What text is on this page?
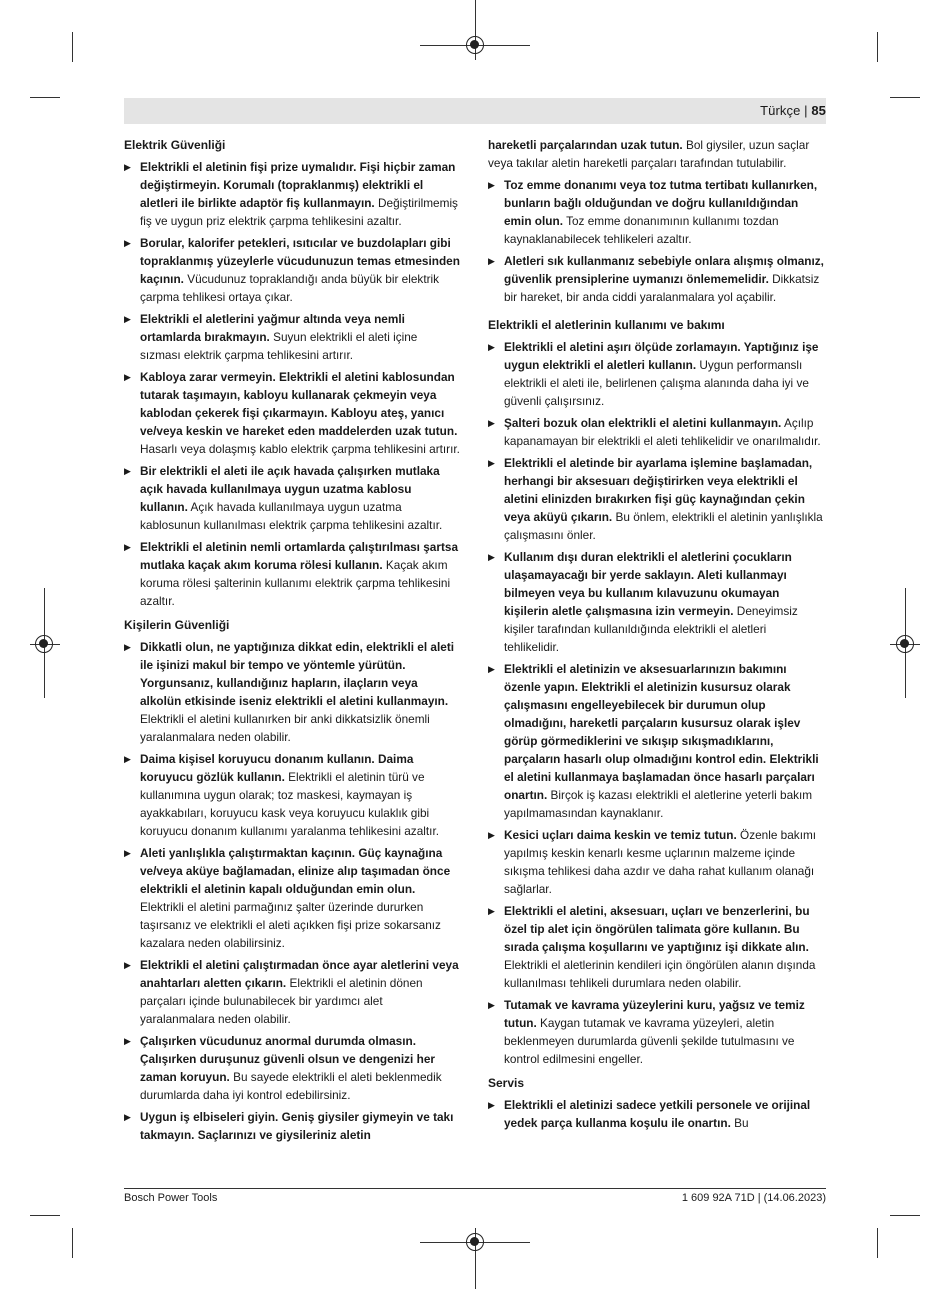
Türkçe | 85
Elektrik Güvenliği
▶ Elektrikli el aletinin fişi prize uymalıdır. Fişi hiçbir zaman değiştirmeyin. Korumalı (topraklanmış) elektrikli el aletleri ile birlikte adaptör fiş kullanmayın. Değiştirilmemiş fiş ve uygun priz elektrik çarpma tehlikesini azaltır.
▶ Borular, kalorifer petekleri, ısıtıcılar ve buzdolapları gibi topraklanmış yüzeylerle vücudunuzun temas etmesinden kaçının. Vücudunuz topraklandığı anda büyük bir elektrik çarpma tehlikesi ortaya çıkar.
▶ Elektrikli el aletlerini yağmur altında veya nemli ortamlarda bırakmayın. Suyun elektrikli el aleti içine sızması elektrik çarpma tehlikesini artırır.
▶ Kabloya zarar vermeyin. Elektrikli el aletini kablosundan tutarak taşımayın, kabloyu kullanarak çekmeyin veya kablodan çekerek fişi çıkarmayın. Kabloyu ateş, yanıcı ve/veya keskin ve hareket eden maddelerden uzak tutun. Hasarlı veya dolaşmış kablo elektrik çarpma tehlikesini artırır.
▶ Bir elektrikli el aleti ile açık havada çalışırken mutlaka açık havada kullanılmaya uygun uzatma kablosu kullanın. Açık havada kullanılmaya uygun uzatma kablosunun kullanılması elektrik çarpma tehlikesini azaltır.
▶ Elektrikli el aletinin nemli ortamlarda çalıştırılması şartsa mutlaka kaçak akım koruma rölesi kullanın. Kaçak akım koruma rölesi şalterinin kullanımı elektrik çarpma tehlikesini azaltır.
Kişilerin Güvenliği
▶ Dikkatli olun, ne yaptığınıza dikkat edin, elektrikli el aleti ile işinizi makul bir tempo ve yöntemle yürütün. Yorgunsanız, kullandığınız hapların, ilaçların veya alkolün etkisinde iseniz elektrikli el aletini kullanmayın. Elektrikli el aletini kullanırken bir anki dikkatsizlik önemli yaralanmalara neden olabilir.
▶ Daima kişisel koruyucu donanım kullanın. Daima koruyucu gözlük kullanın. Elektrikli el aletinin türü ve kullanımına uygun olarak; toz maskesi, kaymayan iş ayakkabıları, koruyucu kask veya koruyucu kulaklık gibi koruyucu donanım kullanımı yaralanma tehlikesini azaltır.
▶ Aleti yanlışlıkla çalıştırmaktan kaçının. Güç kaynağına ve/veya aküye bağlamadan, elinize alıp taşımadan önce elektrikli el aletinin kapalı olduğundan emin olun. Elektrikli el aletini parmağınız şalter üzerinde dururken taşırsanız ve elektrikli el aleti açıkken fişi prize sokarsanız kazalara neden olabilirsiniz.
▶ Elektrikli el aletini çalıştırmadan önce ayar aletlerini veya anahtarları aletten çıkarın. Elektrikli el aletinin dönen parçaları içinde bulunabilecek bir yardımcı alet yaralanmalara neden olabilir.
▶ Çalışırken vücudunuz anormal durumda olmasın. Çalışırken duruşunuz güvenli olsun ve dengenizi her zaman koruyun. Bu sayede elektrikli el aleti beklenmedik durumlarda daha iyi kontrol edebilirsiniz.
▶ Uygun iş elbiseleri giyin. Geniş giysiler giymeyin ve takı takmayın. Saçlarınızı ve giysileriniz aletin
hareketli parçalarından uzak tutun. Bol giysiler, uzun saçlar veya takılar aletin hareketli parçaları tarafından tutulabilir.
▶ Toz emme donanımı veya toz tutma tertibatı kullanırken, bunların bağlı olduğundan ve doğru kullanıldığından emin olun. Toz emme donanımının kullanımı tozdan kaynaklanabilecek tehlikeleri azaltır.
▶ Aletleri sık kullanmanız sebebiyle onlara alışmış olmanız, güvenlik prensiplerine uymanızı önlememelidir. Dikkatsiz bir hareket, bir anda ciddi yaralanmalara yol açabilir.
Elektrikli el aletlerinin kullanımı ve bakımı
▶ Elektrikli el aletini aşırı ölçüde zorlamayın. Yaptığınız işe uygun elektrikli el aletleri kullanın. Uygun performanslı elektrikli el aleti ile, belirlenen çalışma alanında daha iyi ve güvenli çalışırsınız.
▶ Şalteri bozuk olan elektrikli el aletini kullanmayın. Açılıp kapanamayan bir elektrikli el aleti tehlikelidir ve onarılmalıdır.
▶ Elektrikli el aletinde bir ayarlama işlemine başlamadan, herhangi bir aksesuarı değiştirirken veya elektrikli el aletini elinizden bırakırken fişi güç kaynağından çekin veya aküyü çıkarın. Bu önlem, elektrikli el aletinin yanlışlıkla çalışmasını önler.
▶ Kullanım dışı duran elektrikli el aletlerini çocukların ulaşamayacağı bir yerde saklayın. Aleti kullanmayı bilmeyen veya bu kullanım kılavuzunu okumayan kişilerin aletle çalışmasına izin vermeyin. Deneyimsiz kişiler tarafından kullanıldığında elektrikli el aletleri tehlikelidir.
▶ Elektrikli el aletinizin ve aksesuarlarınızın bakımını özenle yapın. Elektrikli el aletinizin kusursuz olarak çalışmasını engelleyebilecek bir durumun olup olmadığını, hareketli parçaların kusursuz olarak işlev görüp görmediklerini ve sıkışıp sıkışmadıklarını, parçaların hasarlı olup olmadığını kontrol edin. Elektrikli el aletini kullanmaya başlamadan önce hasarlı parçaları onartın. Birçok iş kazası elektrikli el aletlerine yeterli bakım yapılmamasından kaynaklanır.
▶ Kesici uçları daima keskin ve temiz tutun. Özenle bakımı yapılmış keskin kenarlı kesme uçlarının malzeme içinde sıkışma tehlikesi daha azdır ve daha rahat kullanım olanağı sağlarlar.
▶ Elektrikli el aletini, aksesuarı, uçları ve benzerlerini, bu özel tip alet için öngörülen talimata göre kullanın. Bu sırada çalışma koşullarını ve yaptığınız işi dikkate alın. Elektrikli el aletlerinin kendileri için öngörülen alanın dışında kullanılması tehlikeli durumlara neden olabilir.
▶ Tutamak ve kavrama yüzeylerini kuru, yağsız ve temiz tutun. Kaygan tutamak ve kavrama yüzeyleri, aletin beklenmeyen durumlarda güvenli şekilde tutulmasını ve kontrol edilmesini engeller.
Servis
▶ Elektrikli el aletinizi sadece yetkili personele ve orijinal yedek parça kullanma koşulu ile onartın. Bu
Bosch Power Tools	1 609 92A 71D | (14.06.2023)
